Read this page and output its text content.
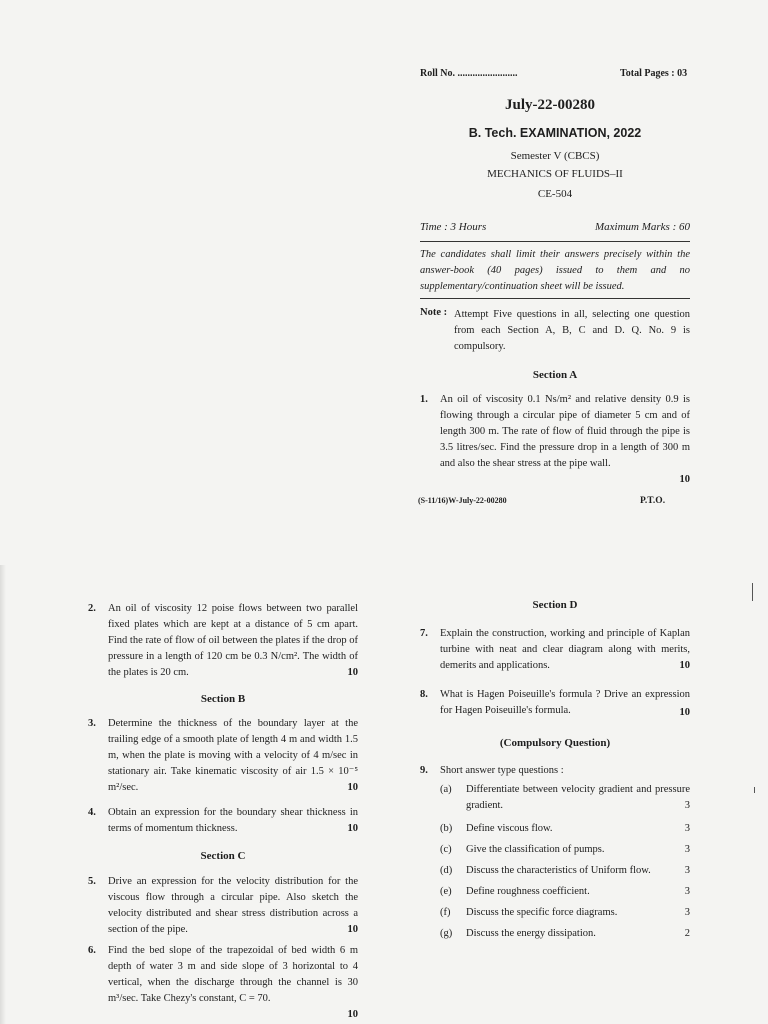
Roll No. ........................	Total Pages : 03
July-22-00280
B. Tech. EXAMINATION, 2022
Semester V (CBCS)
MECHANICS OF FLUIDS–II
CE-504
Time : 3 Hours	Maximum Marks : 60
The candidates shall limit their answers precisely within the answer-book (40 pages) issued to them and no supplementary/continuation sheet will be issued.
Note : Attempt Five questions in all, selecting one question from each Section A, B, C and D. Q. No. 9 is compulsory.
Section A
1.	An oil of viscosity 0.1 Ns/m² and relative density 0.9 is flowing through a circular pipe of diameter 5 cm and of length 300 m. The rate of flow of fluid through the pipe is 3.5 litres/sec. Find the pressure drop in a length of 300 m and also the shear stress at the pipe wall.
10
(S-11/16)W-July-22-00280	P.T.O.
2.	An oil of viscosity 12 poise flows between two parallel fixed plates which are kept at a distance of 5 cm apart. Find the rate of flow of oil between the plates if the drop of pressure in a length of 120 cm be 0.3 N/cm². The width of the plates is 20 cm.	10
Section B
3.	Determine the thickness of the boundary layer at the trailing edge of a smooth plate of length 4 m and width 1.5 m, when the plate is moving with a velocity of 4 m/sec in stationary air. Take kinematic viscosity of air 1.5 × 10⁻⁵ m²/sec.	10
4.	Obtain an expression for the boundary shear thickness in terms of momentum thickness.	10
Section C
5.	Drive an expression for the velocity distribution for the viscous flow through a circular pipe. Also sketch the velocity distributed and shear stress distribution across a section of the pipe.	10
6.	Find the bed slope of the trapezoidal of bed width 6 m depth of water 3 m and side slope of 3 horizontal to 4 vertical, when the discharge through the channel is 30 m³/sec. Take Chezy's constant, C = 70.
10
Section D
7.	Explain the construction, working and principle of Kaplan turbine with neat and clear diagram along with merits, demerits and applications.	10
8.	What is Hagen Poiseuille's formula ? Drive an expression for Hagen Poiseuille's formula.	10
(Compulsory Question)
9.	Short answer type questions :
(a) Differentiate between velocity gradient and pressure gradient.	3
(b) Define viscous flow.	3
(c) Give the classification of pumps.	3
(d) Discuss the characteristics of Uniform flow.	3
(e) Define roughness coefficient.	3
(f) Discuss the specific force diagrams.	3
(g) Discuss the energy dissipation.	2
